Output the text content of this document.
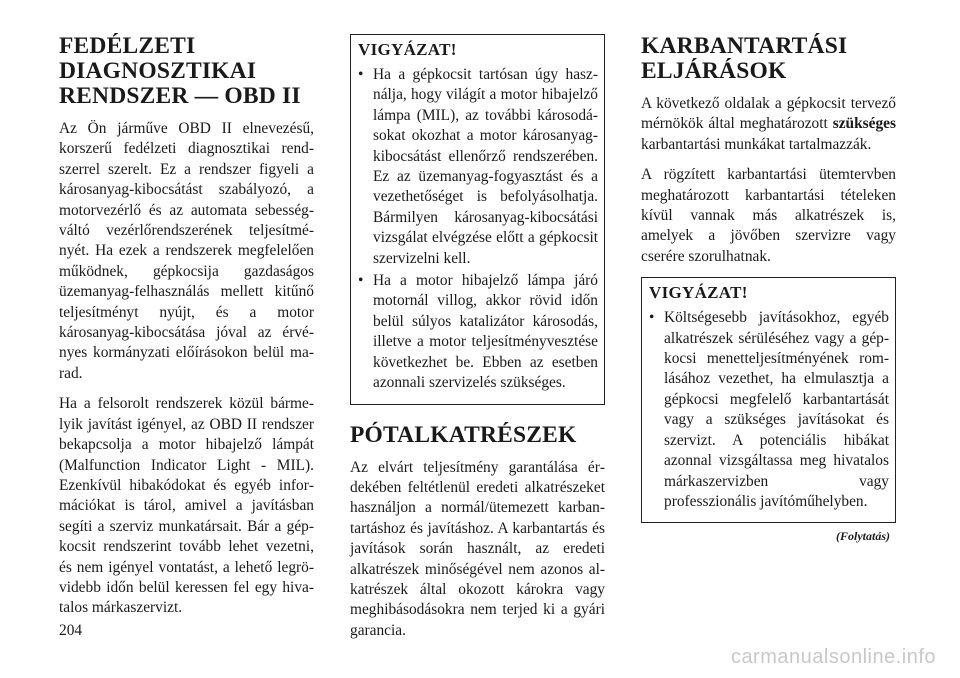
FEDÉLZETI DIAGNOSZTIKAI RENDSZER — OBD II

Az Ön járműve OBD II elnevezésű, korszerű fedélzeti diagnosztikai rendszerrel szerelt. Ez a rendszer figyeli a károsanyag-kibocsátást szabályozó, a motorvezérlő és az automata sebességváltó vezérlőrendszerének teljesítményét. Ha ezek a rendszerek megfelelően működnek, gépkocsija gazdaságos üzemanyag-felhasználás mellett kitűnő teljesítményt nyújt, és a motor károsanyag-kibocsátása jóval az érvényes kormányzati előírásokon belül marad.

Ha a felsorolt rendszerek közül bármelyik javítást igényel, az OBD II rendszer bekapcsolja a motor hibajelző lámpát (Malfunction Indicator Light - MIL). Ezenkívül hibakódokat és egyéb információkat is tárol, amivel a javításban segíti a szerviz munkatársait. Bár a gépkocsit rendszerint tovább lehet vezetni, és nem igényel vontatást, a lehető legrövidebb időn belül keressen fel egy hivatalos márkaszervizt.

VIGYÁZAT!
• Ha a gépkocsit tartósan úgy használja, hogy világít a motor hibajelző lámpa (MIL), az további károsodásokat okozhat a motor károsanyag-kibocsátást ellenőrző rendszerében. Ez az üzemanyag-fogyasztást és a vezethetőséget is befolyásolhatja. Bármilyen károsanyag-kibocsátási vizsgálat elvégzése előtt a gépkocsit szervizelni kell.
• Ha a motor hibajelző lámpa járó motornál villog, akkor rövid időn belül súlyos katalizátor károsodás, illetve a motor teljesítményvesztése következhet be. Ebben az esetben azonnali szervizelés szükséges.
PÓTALKATRÉSZEK

Az elvárt teljesítmény garantálása érdekében feltétlenül eredeti alkatrészeket használjon a normál/ütemezett karbantartáshoz és javításhoz. A karbantartás és javítások során használt, az eredeti alkatrészek minőségével nem azonos alkatrészek által okozott károkra vagy meghibásodásokra nem terjed ki a gyári garancia.

KARBANTARTÁSI ELJÁRÁSOK

A következő oldalak a gépkocsit tervező mérnökök által meghatározott szükséges karbantartási munkákat tartalmazzák.

A rögzített karbantartási ütemtervben meghatározott karbantartási tételeken kívül vannak más alkatrészek is, amelyek a jövőben szervizre vagy cserére szorulhatnak.

VIGYÁZAT!
• Költségesebb javításokhoz, egyéb alkatrészek sérüléséhez vagy a gépkocsi menetteljesítményének romlásához vezethet, ha elmulasztja a gépkocsi megfelelő karbantartását vagy a szükséges javításokat és szervizt. A potenciális hibákat azonnal vizsgáltassa meg hivatalos márkaszervizben vagy professzionális javítóműhelyben.
(Folytatás)
204
carmanualsonline.info
